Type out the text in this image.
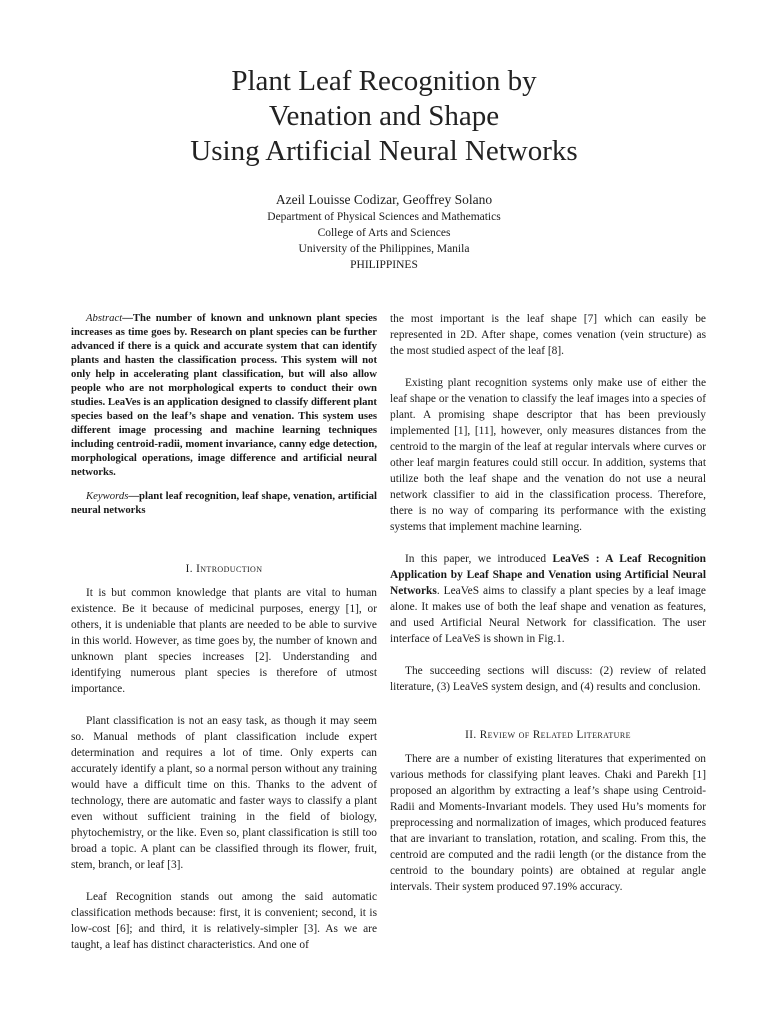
Plant Leaf Recognition by
Venation and Shape
Using Artificial Neural Networks
Azeil Louisse Codizar, Geoffrey Solano
Department of Physical Sciences and Mathematics
College of Arts and Sciences
University of the Philippines, Manila
PHILIPPINES

Abstract—The number of known and unknown plant species increases as time goes by. Research on plant species can be further advanced if there is a quick and accurate system that can identify plants and hasten the classification process. This system will not only help in accelerating plant classification, but will also allow people who are not morphological experts to conduct their own studies. LeaVes is an application designed to classify different plant species based on the leaf’s shape and venation. This system uses different image processing and machine learning techniques including centroid-radii, moment invariance, canny edge detection, morphological operations, image difference and artificial neural networks.

Keywords—plant leaf recognition, leaf shape, venation, artificial neural networks

I. Introduction

It is but common knowledge that plants are vital to human existence. Be it because of medicinal purposes, energy [1], or others, it is undeniable that plants are needed to be able to survive in this world. However, as time goes by, the number of known and unknown plant species increases [2]. Understanding and identifying numerous plant species is therefore of utmost importance.

Plant classification is not an easy task, as though it may seem so. Manual methods of plant classification include expert determination and requires a lot of time. Only experts can accurately identify a plant, so a normal person without any training would have a difficult time on this. Thanks to the advent of technology, there are automatic and faster ways to classify a plant even without sufficient training in the field of biology, phytochemistry, or the like. Even so, plant classification is still too broad a topic. A plant can be classified through its flower, fruit, stem, branch, or leaf [3].

Leaf Recognition stands out among the said automatic classification methods because: first, it is convenient; second, it is low-cost [6]; and third, it is relatively-simpler [3]. As we are taught, a leaf has distinct characteristics. And one of

the most important is the leaf shape [7] which can easily be represented in 2D. After shape, comes venation (vein structure) as the most studied aspect of the leaf [8].

Existing plant recognition systems only make use of either the leaf shape or the venation to classify the leaf images into a species of plant. A promising shape descriptor that has been previously implemented [1], [11], however, only measures distances from the centroid to the margin of the leaf at regular intervals where curves or other leaf margin features could still occur. In addition, systems that utilize both the leaf shape and the venation do not use a neural network classifier to aid in the classification process. Therefore, there is no way of comparing its performance with the existing systems that implement machine learning.

In this paper, we introduced LeaVeS : A Leaf Recognition Application by Leaf Shape and Venation using Artificial Neural Networks. LeaVeS aims to classify a plant species by a leaf image alone. It makes use of both the leaf shape and venation as features, and used Artificial Neural Network for classification. The user interface of LeaVeS is shown in Fig.1.

The succeeding sections will discuss: (2) review of related literature, (3) LeaVeS system design, and (4) results and conclusion.

II. Review of Related Literature

There are a number of existing literatures that experimented on various methods for classifying plant leaves. Chaki and Parekh [1] proposed an algorithm by extracting a leaf’s shape using Centroid-Radii and Moments-Invariant models. They used Hu’s moments for preprocessing and normalization of images, which produced features that are invariant to translation, rotation, and scaling. From this, the centroid are computed and the radii length (or the distance from the centroid to the boundary points) are obtained at regular angle intervals. Their system produced 97.19% accuracy.
